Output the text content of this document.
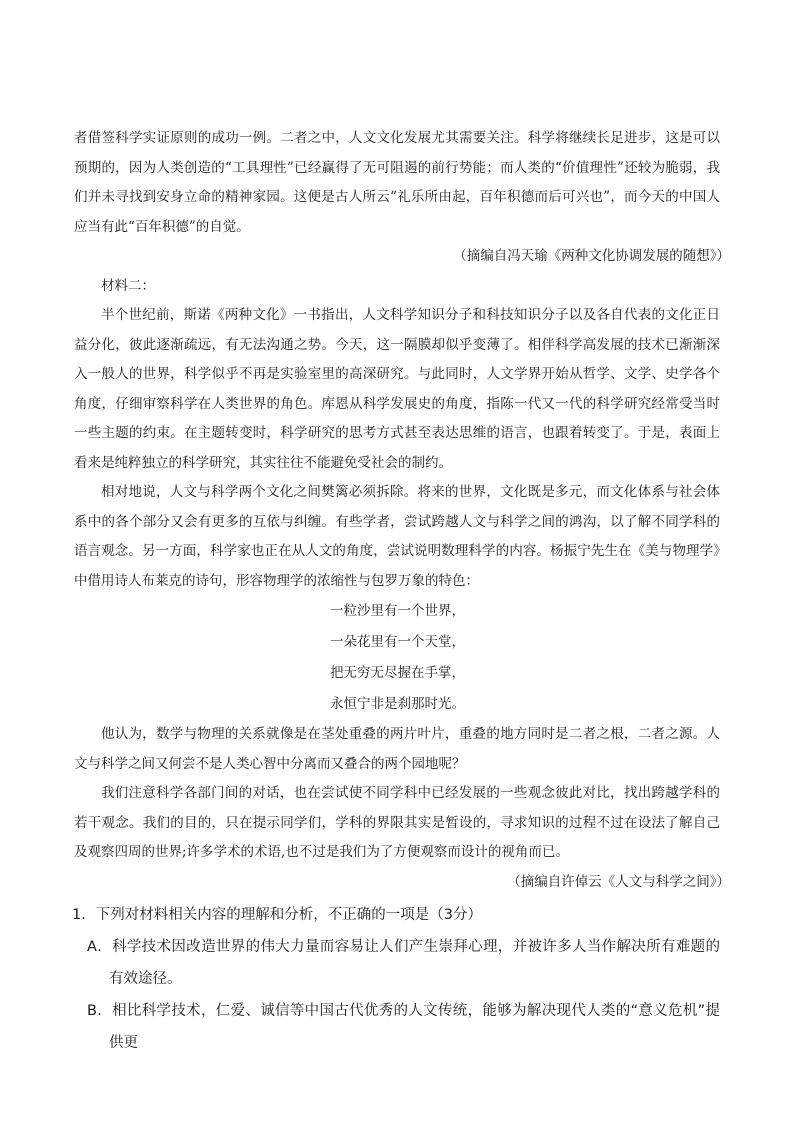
者借签科学实证原则的成功一例。二者之中，人文文化发展尤其需要关注。科学将继续长足进步，这是可以预期的，因为人类创造的“工具理性”已经赢得了无可阻遏的前行势能；而人类的“价值理性”还较为脆弱，我们并未寻找到安身立命的精神家园。这便是古人所云“礼乐所由起，百年积德而后可兴也”，而今天的中国人应当有此“百年积德”的自觉。

（摘编自冯天瑜《两种文化协调发展的随想》）

材料二：

半个世纪前，斯诺《两种文化》一书指出，人文科学知识分子和科技知识分子以及各自代表的文化正日益分化，彼此逐渐疏远，有无法沟通之势。今天，这一隔膜却似乎变薄了。相伴科学高发展的技术已渐渐深入一般人的世界，科学似乎不再是实验室里的高深研究。与此同时，人文学界开始从哲学、文学、史学各个角度，仔细审察科学在人类世界的角色。库恩从科学发展史的角度，指陈一代又一代的科学研究经常受当时一些主题的约束。在主题转变时，科学研究的思考方式甚至表达思维的语言，也跟着转变了。于是，表面上看来是纯粹独立的科学研究，其实往往不能避免受社会的制约。

相对地说，人文与科学两个文化之间樊篱必须拆除。将来的世界，文化既是多元，而文化体系与社会体系中的各个部分又会有更多的互依与纠缠。有些学者，尝试跨越人文与科学之间的鸿沟，以了解不同学科的语言观念。另一方面，科学家也正在从人文的角度，尝试说明数理科学的内容。杨振宁先生在《美与物理学》中借用诗人布莱克的诗句，形容物理学的浓缩性与包罗万象的特色：

一粒沙里有一个世界，
一朵花里有一个天堂，
把无穷无尽握在手掌，
永恒宁非是刹那时光。

他认为，数学与物理的关系就像是在茎处重叠的两片叶片，重叠的地方同时是二者之根，二者之源。人文与科学之间又何尝不是人类心智中分离而又叠合的两个园地呢？

我们注意科学各部门间的对话，也在尝试使不同学科中已经发展的一些观念彼此对比，找出跨越学科的若干观念。我们的目的，只在提示同学们，学科的界限其实是暂设的，寻求知识的过程不过在设法了解自己及观察四周的世界;许多学术的术语,也不过是我们为了方便观察而设计的视角而已。

（摘编自许倬云《人文与科学之间》）

1．下列对材料相关内容的理解和分析，不正确的一项是（3分）

A．科学技术因改造世界的伟大力量而容易让人们产生崇拜心理，并被许多人当作解决所有难题的有效途径。

B．相比科学技术，仁爱、诚信等中国古代优秀的人文传统，能够为解决现代人类的“意义危机”提供更
